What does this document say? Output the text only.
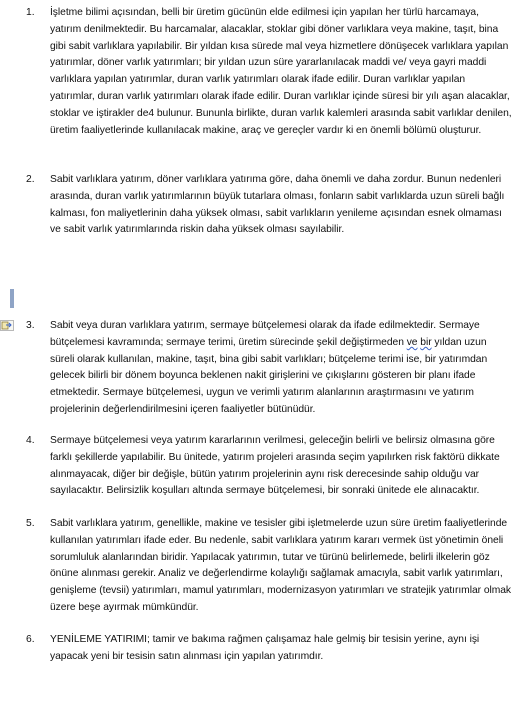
1. İşletme bilimi açısından, belli bir üretim gücünün elde edilmesi için yapılan her türlü harcamaya, yatırım denilmektedir. Bu harcamalar, alacaklar, stoklar gibi döner varlıklara veya makine, taşıt, bina gibi sabit varlıklara yapılabilir. Bir yıldan kısa sürede mal veya hizmetlere dönüşecek varlıklara yapılan yatırımlar, döner varlık yatırımları; bir yıldan uzun süre yararlanılacak maddi ve/ veya gayri maddi varlıklara yapılan yatırımlar, duran varlık yatırımları olarak ifade edilir. Duran varlıklar yapılan yatırımlar, duran varlık yatırımları olarak ifade edilir. Duran varlıklar içinde süresi bir yılı aşan alacaklar, stoklar ve iştirakler de4 bulunur. Bununla birlikte, duran varlık kalemleri arasında sabit varlıklar denilen, üretim faaliyetlerinde kullanılacak makine, araç ve gereçler vardır ki en önemli bölümü oluşturur.
2. Sabit varlıklara yatırım, döner varlıklara yatırıma göre, daha önemli ve daha zordur. Bunun nedenleri arasında, duran varlık yatırımlarının büyük tutarlara olması, fonların sabit varlıklarda uzun süreli bağlı kalması, fon maliyetlerinin daha yüksek olması, sabit varlıkların yenileme açısından esnek olmaması ve sabit varlık yatırımlarında riskin daha yüksek olması sayılabilir.
3. Sabit veya duran varlıklara yatırım, sermaye bütçelemesi olarak da ifade edilmektedir. Sermaye bütçelemesi kavramında; sermaye terimi, üretim sürecinde şekil değiştirmeden ve bir yıldan uzun süreli olarak kullanılan, makine, taşıt, bina gibi sabit varlıkları; bütçeleme terimi ise, bir yatırımdan gelecek bilirli bir dönem boyunca beklenen nakit girişlerini ve çıkışlarını gösteren bir planı ifade etmektedir. Sermaye bütçelemesi, uygun ve verimli yatırım alanlarının araştırmasını ve yatırım projelerinin değerlendirilmesini içeren faaliyetler bütünüdür.
4. Sermaye bütçelemesi veya yatırım kararlarının verilmesi, geleceğin belirli ve belirsiz olmasına göre farklı şekillerde yapılabilir. Bu ünitede, yatırım projeleri arasında seçim yapılırken risk faktörü dikkate alınmayacak, diğer bir değişle, bütün yatırım projelerinin aynı risk derecesinde sahip olduğu var sayılacaktır. Belirsizlik koşulları altında sermaye bütçelemesi, bir sonraki ünitede ele alınacaktır.
5. Sabit varlıklara yatırım, genellikle, makine ve tesisler gibi işletmelerde uzun süre üretim faaliyetlerinde kullanılan yatırımları ifade eder. Bu nedenle, sabit varlıklara yatırım kararı vermek üst yönetimin öneli sorumluluk alanlarından biridir. Yapılacak yatırımın, tutar ve türünü belirlemede, belirli ilkelerin göz önüne alınması gerekir. Analiz ve değerlendirme kolaylığı sağlamak amacıyla, sabit varlık yatırımları, genişleme (tevsii) yatırımları, mamul yatırımları, modernizasyon yatırımları ve stratejik yatırımlar olmak üzere beşe ayırmak mümkündür.
6. YENİLEME YATIRIMI; tamir ve bakıma rağmen çalışamaz hale gelmiş bir tesisin yerine, aynı işi yapacak yeni bir tesisin satın alınması için yapılan yatırımdır.
